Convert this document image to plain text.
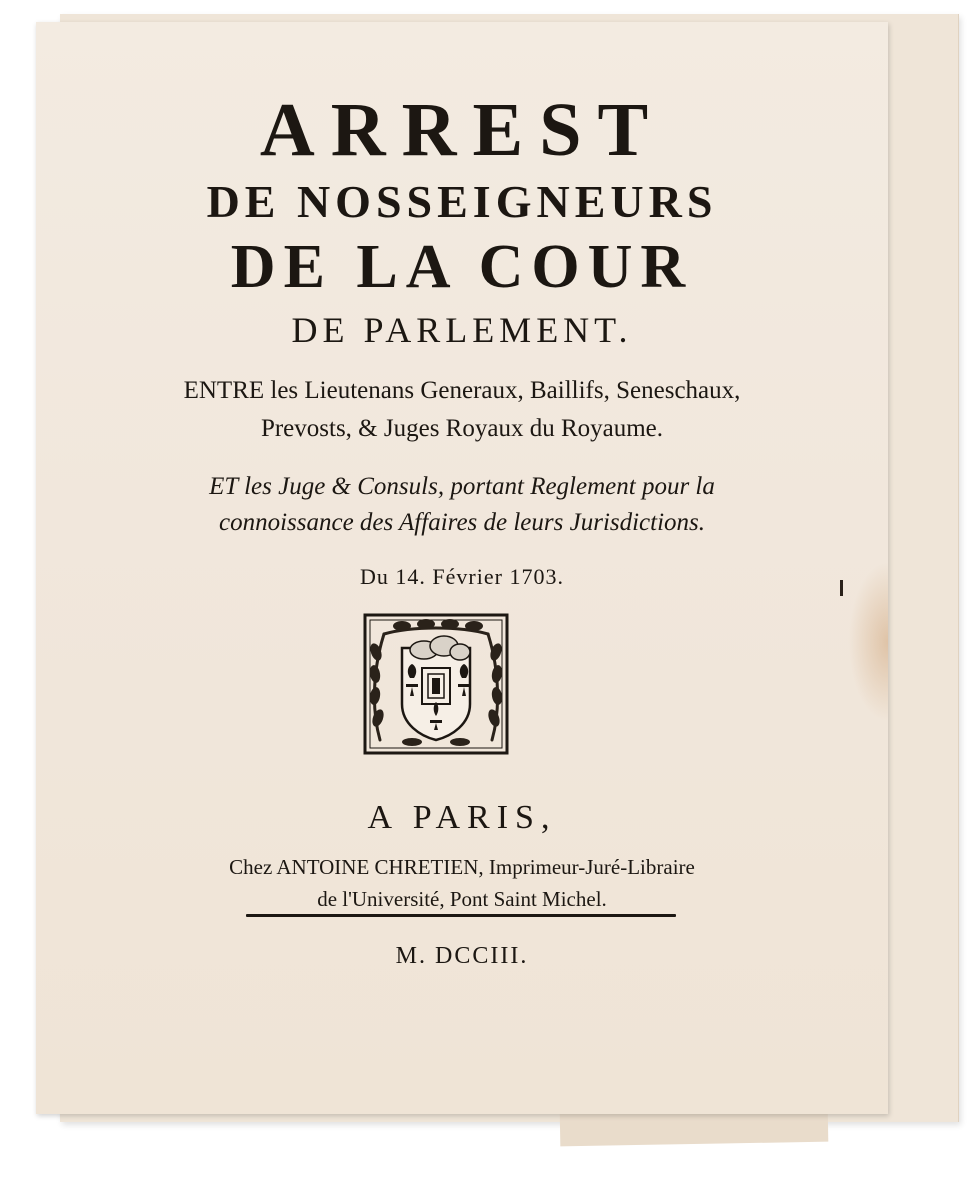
ARREST
DE NOSSEIGNEURS
DE LA COUR
DE PARLEMENT.
ENTRE les Lieutenans Generaux, Baillifs, Seneschaux,
Prevosts, & Juges Royaux du Royaume.
ET les Juge & Consuls, portant Reglement pour la
connoissance des Affaires de leurs Jurisdictions.
Du 14. Février 1703.
A PARIS,
Chez ANTOINE CHRETIEN, Imprimeur-Juré-Libraire
de l'Université, Pont Saint Michel.
M. DCCIII.
